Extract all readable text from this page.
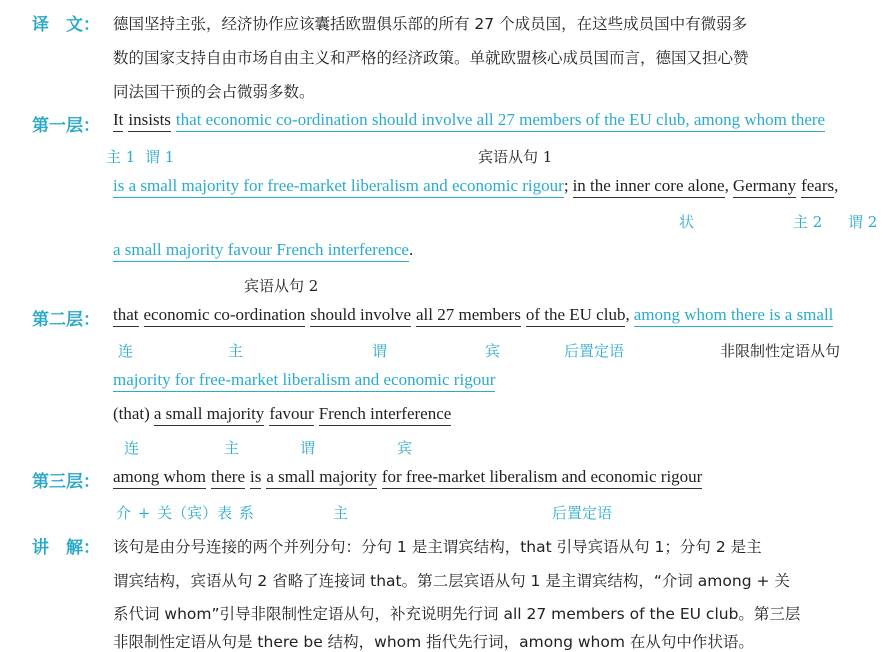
译　文： 德国坚持主张，经济协作应该囊括欧盟俱乐部的所有 27 个成员国，在这些成员国中有微弱多
数的国家支持自由市场自由主义和严格的经济政策。单就欧盟核心成员国而言，德国又担心赞
同法国干预的会占微弱多数。
第一层： It insists that economic co-ordination should involve all 27 members of the EU club, among whom there
主 1 谓 1	宾语从句 1
is a small majority for free-market liberalism and economic rigour ; in the inner core alone , Germany fears ,
状	主 2 谓 2
a small majority favour French interference .
宾语从句 2
第二层： that economic co-ordination should involve all 27 members of the EU club , among whom there is a small
连	主	谓	宾	后置定语	非限制性定语从句
majority for free-market liberalism and economic rigour
(that) a small majority favour French interference
连	主	谓	宾
第三层： among whom there is a small majority for free-market liberalism and economic rigour
介 + 关（宾）表 系	主	后置定语
讲　解： 该句是由分号连接的两个并列分句：分句 1 是主谓宾结构，that 引导宾语从句 1；分句 2 是主
谓宾结构，宾语从句 2 省略了连接词 that。第二层宾语从句 1 是主谓宾结构，“介词 among + 关
系代词 whom”引导非限制性定语从句，补充说明先行词 all 27 members of the EU club。第三层
非限制性定语从句是 there be 结构，whom 指代先行词，among whom 在从句中作状语。
